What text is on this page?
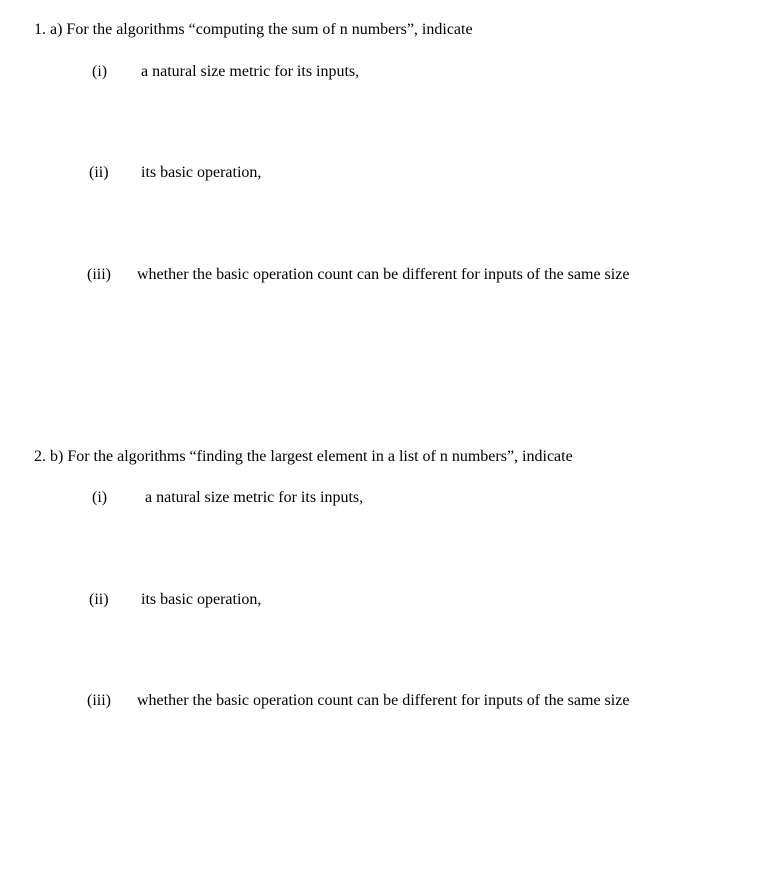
1. a) For the algorithms “computing the sum of n numbers”, indicate
(i) a natural size metric for its inputs,
(ii) its basic operation,
(iii) whether the basic operation count can be different for inputs of the same size
2. b) For the algorithms “finding the largest element in a list of n numbers”, indicate
(i) a natural size metric for its inputs,
(ii) its basic operation,
(iii) whether the basic operation count can be different for inputs of the same size
